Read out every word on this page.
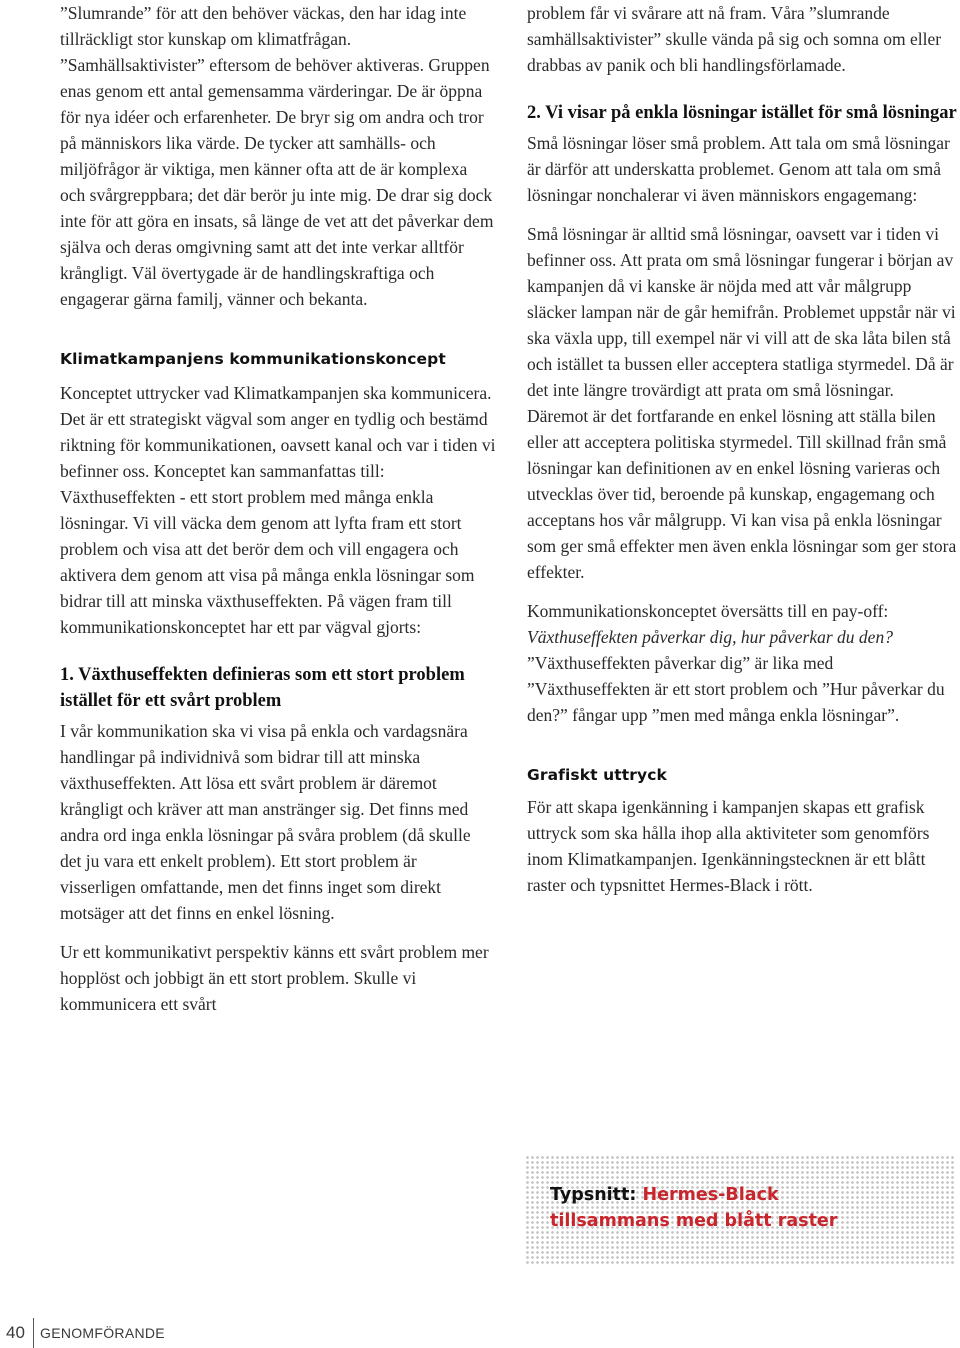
”Slumrande” för att den behöver väckas, den har idag inte tillräckligt stor kunskap om klimatfrågan. ”Samhällsaktivister” eftersom de behöver aktiveras. Gruppen enas genom ett antal gemensamma värderingar. De är öppna för nya idéer och erfarenheter. De bryr sig om andra och tror på människors lika värde. De tycker att samhälls- och miljöfrågor är viktiga, men känner ofta att de är komplexa och svårgreppbara; det där berör ju inte mig. De drar sig dock inte för att göra en insats, så länge de vet att det påverkar dem själva och deras omgivning samt att det inte verkar alltför krångligt. Väl övertygade är de handlingskraftiga och engagerar gärna familj, vänner och bekanta.

Klimatkampanjens kommunikationskoncept

Konceptet uttrycker vad Klimatkampanjen ska kommunicera. Det är ett strategiskt vägval som anger en tydlig och bestämd riktning för kommunikationen, oavsett kanal och var i tiden vi befinner oss. Konceptet kan sammanfattas till: Växthuseffekten - ett stort problem med många enkla lösningar. Vi vill väcka dem genom att lyfta fram ett stort problem och visa att det berör dem och vill engagera och aktivera dem genom att visa på många enkla lösningar som bidrar till att minska växthuseffekten. På vägen fram till kommunikationskonceptet har ett par vägval gjorts:

1. Växthuseffekten definieras som ett stort problem istället för ett svårt problem

I vår kommunikation ska vi visa på enkla och vardagsnära handlingar på individnivå som bidrar till att minska växthuseffekten. Att lösa ett svårt problem är däremot krångligt och kräver att man anstränger sig. Det finns med andra ord inga enkla lösningar på svåra problem (då skulle det ju vara ett enkelt problem). Ett stort problem är visserligen omfattande, men det finns inget som direkt motsäger att det finns en enkel lösning.

Ur ett kommunikativt perspektiv känns ett svårt problem mer hopplöst och jobbigt än ett stort problem. Skulle vi kommunicera ett svårt

problem får vi svårare att nå fram. Våra ”slumrande samhällsaktivister” skulle vända på sig och somna om eller drabbas av panik och bli handlingsförlamade.

2. Vi visar på enkla lösningar istället för små lösningar

Små lösningar löser små problem. Att tala om små lösningar är därför att underskatta problemet. Genom att tala om små lösningar nonchalerar vi även människors engagemang:

Små lösningar är alltid små lösningar, oavsett var i tiden vi befinner oss. Att prata om små lösningar fungerar i början av kampanjen då vi kanske är nöjda med att vår målgrupp släcker lampan när de går hemifrån. Problemet uppstår när vi ska växla upp, till exempel när vi vill att de ska låta bilen stå och istället ta bussen eller acceptera statliga styrmedel. Då är det inte längre trovärdigt att prata om små lösningar. Däremot är det fortfarande en enkel lösning att ställa bilen eller att acceptera politiska styrmedel. Till skillnad från små lösningar kan definitionen av en enkel lösning varieras och utvecklas över tid, beroende på kunskap, engagemang och acceptans hos vår målgrupp. Vi kan visa på enkla lösningar som ger små effekter men även enkla lösningar som ger stora effekter.

Kommunikationskonceptet översätts till en pay-off: Växthuseffekten påverkar dig, hur påverkar du den? ”Växthuseffekten påverkar dig” är lika med ”Växthuseffekten är ett stort problem och ”Hur påverkar du den?” fångar upp ”men med många enkla lösningar”.

Grafiskt uttryck

För att skapa igenkänning i kampanjen skapas ett grafisk uttryck som ska hålla ihop alla aktiviteter som genomförs inom Klimatkampanjen. Igenkänningstecknen är ett blått raster och typsnittet Hermes-Black i rött.

Typsnitt: Hermes-Black
tillsammans med blått raster
40 GENOMFÖRANDE
